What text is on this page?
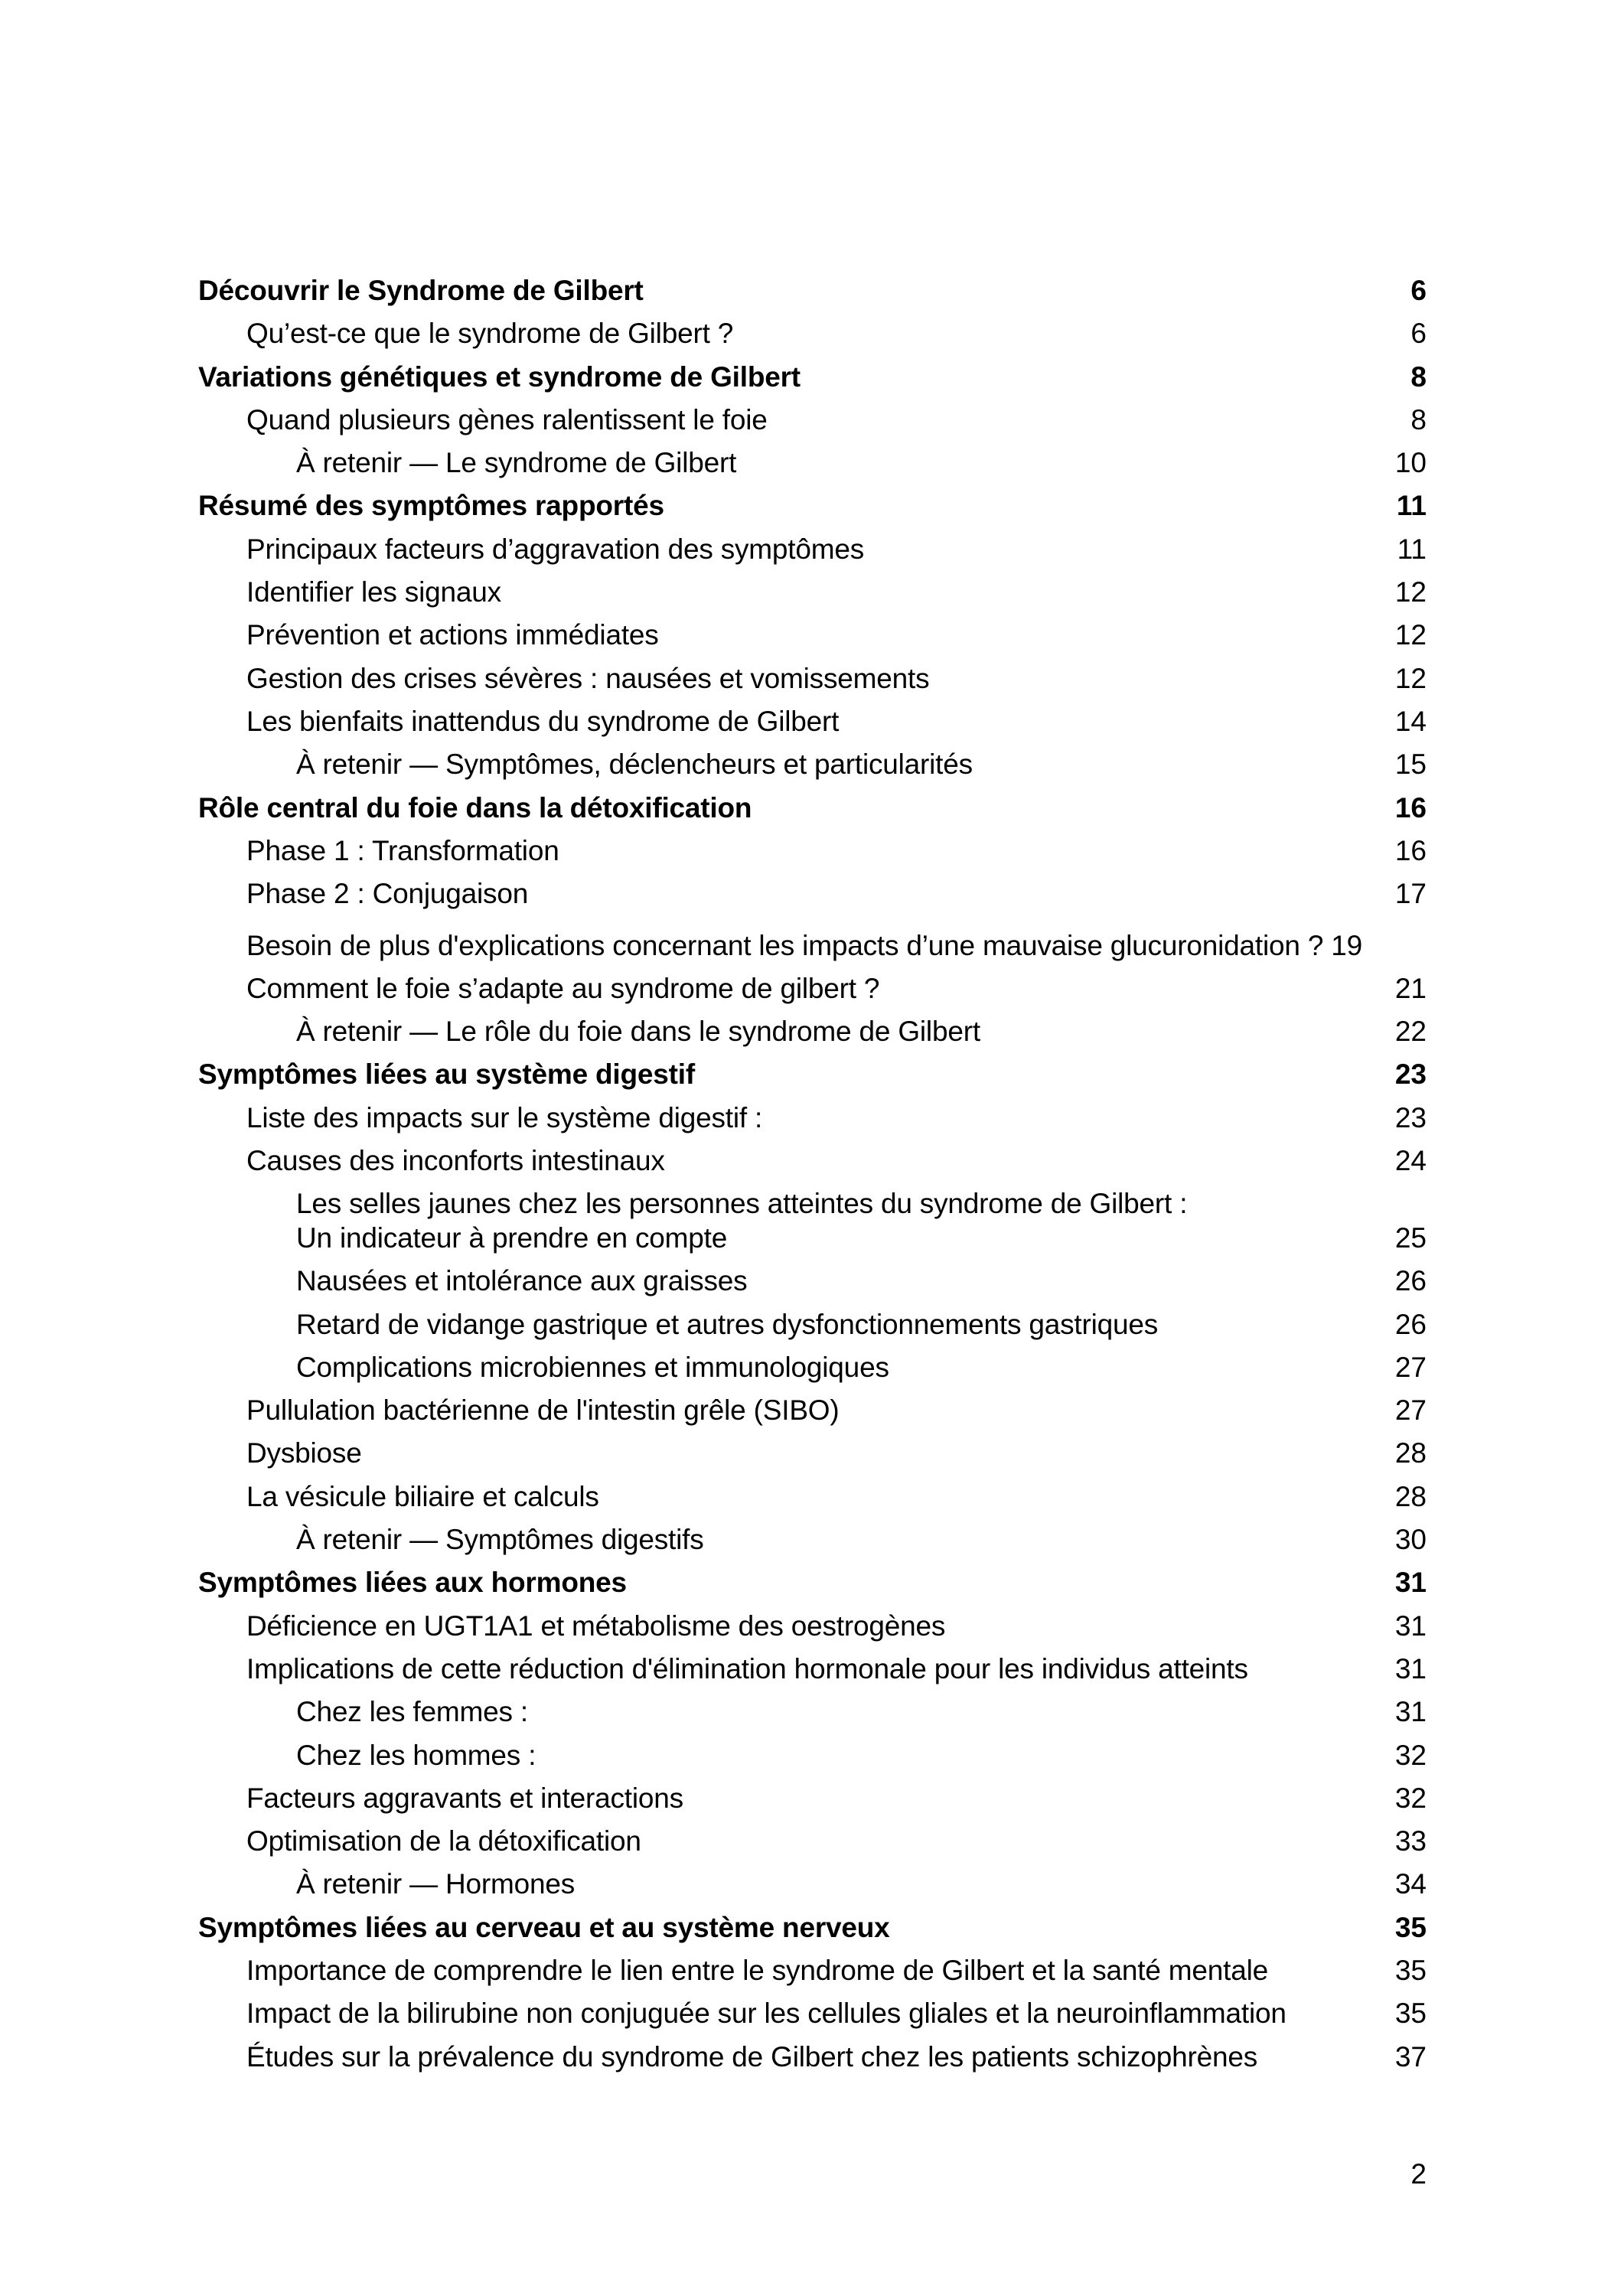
Découvrir le Syndrome de Gilbert	6
Qu’est-ce que le syndrome de Gilbert ?	6
Variations génétiques et syndrome de Gilbert	8
Quand plusieurs gènes ralentissent le foie	8
À retenir — Le syndrome de Gilbert	10
Résumé des symptômes rapportés	11
Principaux facteurs d’aggravation des symptômes	11
Identifier les signaux	12
Prévention et actions immédiates	12
Gestion des crises sévères : nausées et vomissements	12
Les bienfaits inattendus du syndrome de Gilbert	14
À retenir — Symptômes, déclencheurs et particularités	15
Rôle central du foie dans la détoxification	16
Phase 1 : Transformation	16
Phase 2 : Conjugaison	17
Besoin de plus d'explications concernant les impacts d’une mauvaise glucuronidation ? 19
Comment le foie s’adapte au syndrome de gilbert ?	21
À retenir — Le rôle du foie dans le syndrome de Gilbert	22
Symptômes liées au système digestif	23
Liste des impacts sur le système digestif :	23
Causes des inconforts intestinaux	24
Les selles jaunes chez les personnes atteintes du syndrome de Gilbert : Un indicateur à prendre en compte	25
Nausées et intolérance aux graisses	26
Retard de vidange gastrique et autres dysfonctionnements gastriques	26
Complications microbiennes et immunologiques	27
Pullulation bactérienne de l'intestin grêle (SIBO)	27
Dysbiose	28
La vésicule biliaire et calculs	28
À retenir — Symptômes digestifs	30
Symptômes liées aux hormones	31
Déficience en UGT1A1 et métabolisme des oestrogènes	31
Implications de cette réduction d'élimination hormonale pour les individus atteints	31
Chez les femmes :	31
Chez les hommes :	32
Facteurs aggravants et interactions	32
Optimisation de la détoxification	33
À retenir — Hormones	34
Symptômes liées au cerveau et au système nerveux	35
Importance de comprendre le lien entre le syndrome de Gilbert et la santé mentale	35
Impact de la bilirubine non conjuguée sur les cellules gliales et la neuroinflammation	35
Études sur la prévalence du syndrome de Gilbert chez les patients schizophrènes	37
2
